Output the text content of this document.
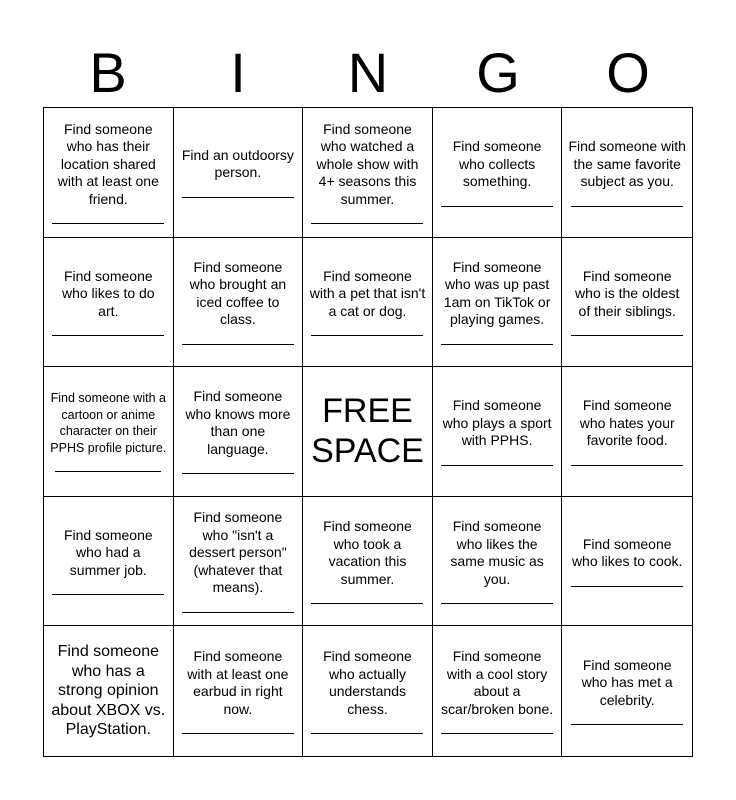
B	I	N	G	O
Find someone who has their location shared with at least one friend.
Find an outdoorsy person.
Find someone who watched a whole show with 4+ seasons this summer.
Find someone who collects something.
Find someone with the same favorite subject as you.
Find someone who likes to do art.
Find someone who brought an iced coffee to class.
Find someone with a pet that isn't a cat or dog.
Find someone who was up past 1am on TikTok or playing games.
Find someone who is the oldest of their siblings.
Find someone with a cartoon or anime character on their PPHS profile picture.
Find someone who knows more than one language.
FREE SPACE
Find someone who plays a sport with PPHS.
Find someone who hates your favorite food.
Find someone who had a summer job.
Find someone who "isn't a dessert person" (whatever that means).
Find someone who took a vacation this summer.
Find someone who likes the same music as you.
Find someone who likes to cook.
Find someone who has a strong opinion about XBOX vs. PlayStation.
Find someone with at least one earbud in right now.
Find someone who actually understands chess.
Find someone with a cool story about a scar/broken bone.
Find someone who has met a celebrity.
